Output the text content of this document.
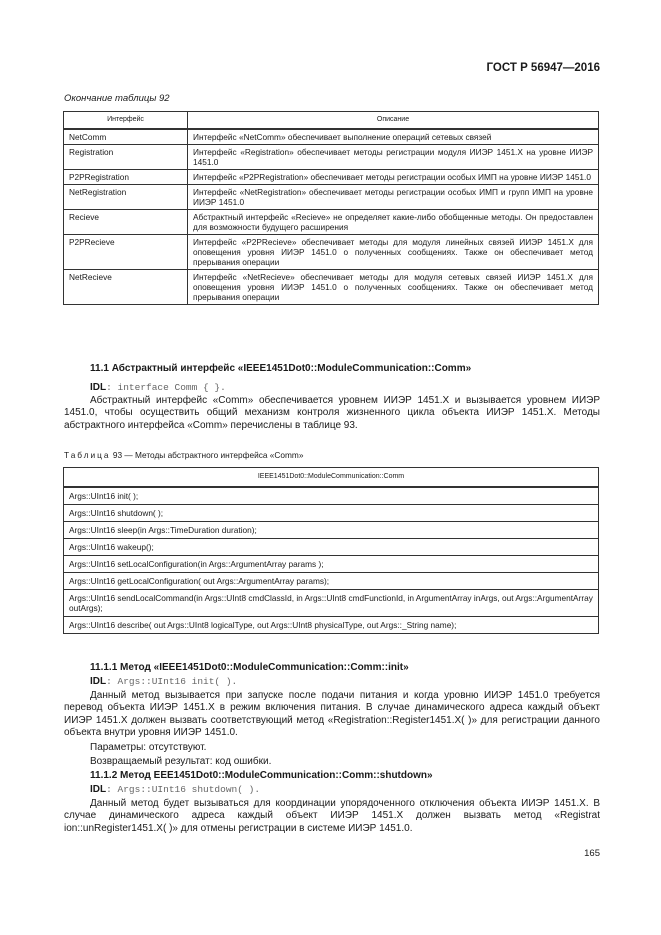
ГОСТ Р 56947—2016
Окончание таблицы 92
Интерфейс	Описание
NetComm	Интерфейс «NetComm» обеспечивает выполнение операций сетевых связей
Registration	Интерфейс «Registration» обеспечивает методы регистрации модуля ИИЭР 1451.Х на уровне ИИЭР 1451.0
P2PRegistration	Интерфейс «P2PRegistration» обеспечивает методы регистрации особых ИМП на уровне ИИЭР 1451.0
NetRegistration	Интерфейс «NetRegistration» обеспечивает методы регистрации особых ИМП и групп ИМП на уровне ИИЭР 1451.0
Recieve	Абстрактный интерфейс «Recieve» не определяет какие-либо обобщенные методы. Он предоставлен для возможности будущего расширения
P2PRecieve	Интерфейс «P2PRecieve» обеспечивает методы для модуля линейных связей ИИЭР 1451.Х для оповещения уровня ИИЭР 1451.0 о полученных сообщениях. Также он обеспечивает метод прерывания операции
NetRecieve	Интерфейс «NetRecieve» обеспечивает методы для модуля сетевых связей ИИЭР 1451.Х для оповещения уровня ИИЭР 1451.0 о полученных сообщениях. Также он обеспечивает метод прерывания операции
11.1 Абстрактный интерфейс «IEEE1451Dot0::ModuleCommunication::Comm»
IDL: interface Comm { }.
Абстрактный интерфейс «Comm» обеспечивается уровнем ИИЭР 1451.Х и вызывается уровнем ИИЭР 1451.0, чтобы осуществить общий механизм контроля жизненного цикла объекта ИИЭР 1451.Х. Методы абстрактного интерфейса «Comm» перечислены в таблице 93.
Таблица 93 — Методы абстрактного интерфейса «Comm»
IEEE1451Dot0::ModuleCommunication::Comm
Args::UInt16 init( );
Args::UInt16 shutdown( );
Args::UInt16 sleep(in Args::TimeDuration duration);
Args::UInt16 wakeup();
Args::UInt16 setLocalConfiguration(in Args::ArgumentArray params );
Args::UInt16 getLocalConfiguration( out Args::ArgumentArray params);
Args::UInt16 sendLocalCommand(in Args::UInt8 cmdClassId, in Args::UInt8 cmdFunctionId, in ArgumentArray inArgs, out Args::ArgumentArray outArgs);
Args::UInt16 describe( out Args::UInt8 logicalType, out Args::UInt8 physicalType, out Args::_String name);
11.1.1 Метод «IEEE1451Dot0::ModuleCommunication::Comm::init»
IDL: Args::UInt16 init( ).
Данный метод вызывается при запуске после подачи питания и когда уровню ИИЭР 1451.0 требуется перевод объекта ИИЭР 1451.Х в режим включения питания. В случае динамического адреса каждый объект ИИЭР 1451.Х должен вызвать соответствующий метод «Registration::Register1451.X( )» для регистрации данного объекта внутри уровня ИИЭР 1451.0.
Параметры: отсутствуют.
Возвращаемый результат: код ошибки.
11.1.2 Метод EEE1451Dot0::ModuleCommunication::Comm::shutdown»
IDL: Args::UInt16 shutdown( ).
Данный метод будет вызываться для координации упорядоченного отключения объекта ИИЭР 1451.Х. В случае динамического адреса каждый объект ИИЭР 1451.Х должен вызвать метод «Registrat ion::unRegister1451.X( )» для отмены регистрации в системе ИИЭР 1451.0.
165
